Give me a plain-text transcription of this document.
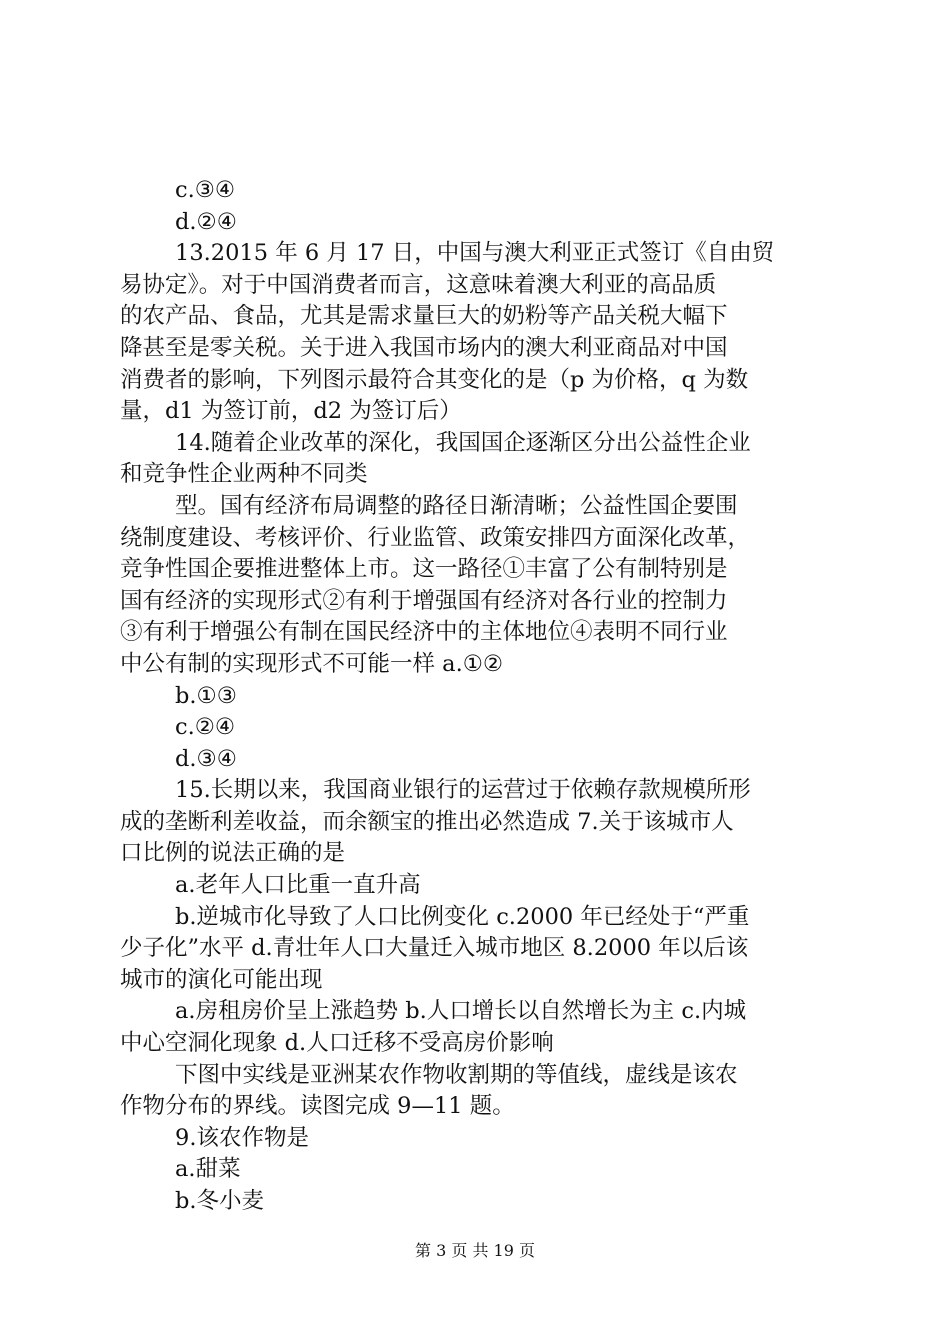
c.③④
d.②④
13.2015 年 6 月 17 日，中国与澳大利亚正式签订《自由贸
易协定》。对于中国消费者而言，这意味着澳大利亚的高品质
的农产品、食品，尤其是需求量巨大的奶粉等产品关税大幅下
降甚至是零关税。关于进入我国市场内的澳大利亚商品对中国
消费者的影响，下列图示最符合其变化的是（p 为价格，q 为数
量，d1 为签订前，d2 为签订后）
14.随着企业改革的深化，我国国企逐渐区分出公益性企业
和竞争性企业两种不同类
型。国有经济布局调整的路径日渐清晰；公益性国企要围
绕制度建设、考核评价、行业监管、政策安排四方面深化改革，
竞争性国企要推进整体上市。这一路径①丰富了公有制特别是
国有经济的实现形式②有利于增强国有经济对各行业的控制力
③有利于增强公有制在国民经济中的主体地位④表明不同行业
中公有制的实现形式不可能一样 a.①②
b.①③
c.②④
d.③④
15.长期以来，我国商业银行的运营过于依赖存款规模所形
成的垄断利差收益，而余额宝的推出必然造成 7.关于该城市人
口比例的说法正确的是
a.老年人口比重一直升高
b.逆城市化导致了人口比例变化 c.2000 年已经处于“严重
少子化”水平 d.青壮年人口大量迁入城市地区 8.2000 年以后该
城市的演化可能出现
a.房租房价呈上涨趋势 b.人口增长以自然增长为主 c.内城
中心空洞化现象 d.人口迁移不受高房价影响
下图中实线是亚洲某农作物收割期的等值线，虚线是该农
作物分布的界线。读图完成 9—11 题。
9.该农作物是
a.甜菜
b.冬小麦
第 3 页 共 19 页
